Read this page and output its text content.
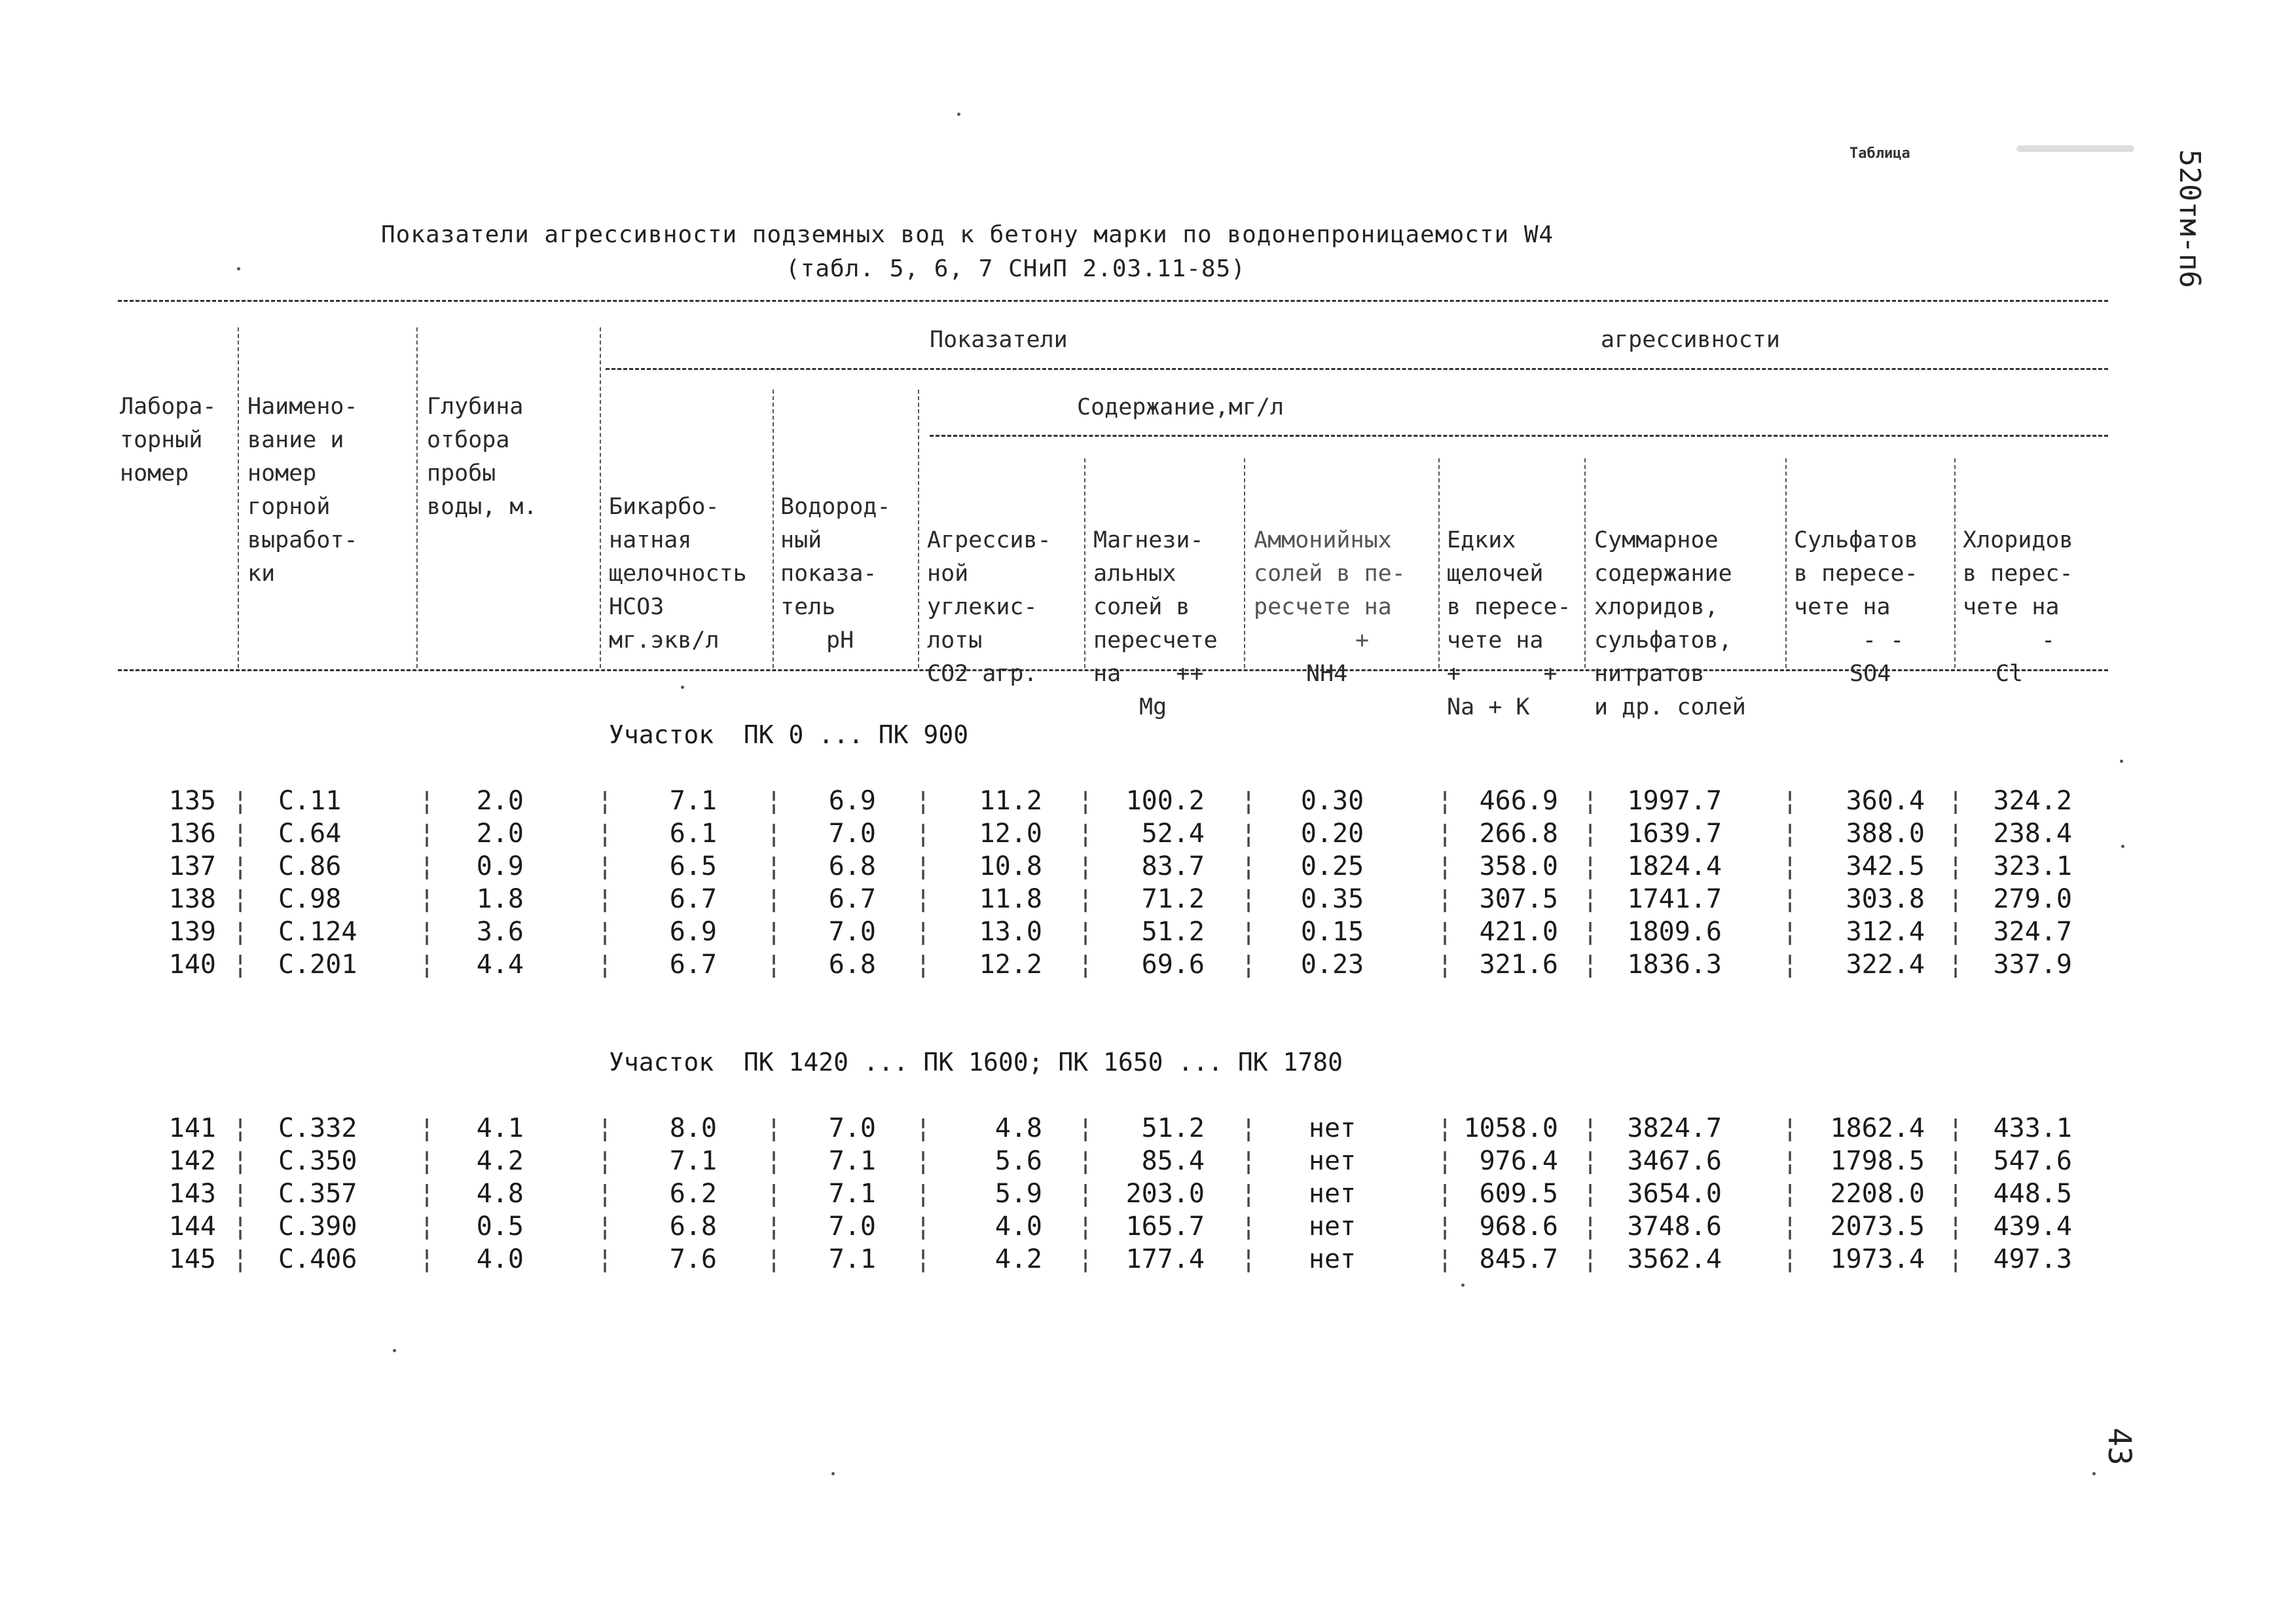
Таблица	520тм-п6
Показатели агрессивности подземных вод к бетону марки по водонепроницаемости W4
(табл. 5, 6, 7 СНиП 2.03.11-85)

Лабора-
торный
номер

Наимено-
вание и
номер
горной
выработ-
ки

Глубина
отбора
пробы
воды, м.

Показатели

	агрессивности

Содержание,мг/л

Бикарбо-
натная
щелочность
HCO3
мг.экв/л

Водород-
ный
показа-
тель
pH

Агрессив-
ной
углекис-
лоты
CO2 агр.

Магнези-
альных
солей в
пересчете
на    ++
Mg

Аммонийных
солей в пе-
ресчете на
+
NH4

Едких
щелочей
в пересе-
чете на
+      +
Na + K

Суммарное
содержание
хлоридов,
сульфатов,
нитратов
и др. солей

Сульфатов
в пересе-
чете на
- -
SO4

Хлоридов
в перес-
чете на
-
Cl

Участок  ПК 0 ... ПК 900
135 С.11	2.0	7.1	6.9	11.2	100.2	0.30	466.9	1997.7	360.4	324.2
¦	¦	¦	¦	¦	¦	¦	¦	¦	¦	¦
136 С.64	2.0	6.1	7.0	12.0	52.4	0.20	266.8	1639.7	388.0	238.4
¦	¦	¦	¦	¦	¦	¦	¦	¦	¦	¦
137 С.86	0.9	6.5	6.8	10.8	83.7	0.25	358.0	1824.4	342.5	323.1
¦	¦	¦	¦	¦	¦	¦	¦	¦	¦	¦
138 С.98	1.8	6.7	6.7	11.8	71.2	0.35	307.5	1741.7	303.8	279.0
¦	¦	¦	¦	¦	¦	¦	¦	¦	¦	¦
139 С.124	3.6	6.9	7.0	13.0	51.2	0.15	421.0	1809.6	312.4	324.7
¦	¦	¦	¦	¦	¦	¦	¦	¦	¦	¦
140 С.201	4.4	6.7	6.8	12.2	69.6	0.23	321.6	1836.3	322.4	337.9
¦	¦	¦	¦	¦	¦	¦	¦	¦	¦	¦
Участок  ПК 1420 ... ПК 1600; ПК 1650 ... ПК 1780
141 С.332	4.1	8.0	7.0	4.8	51.2	нет	1058.0	3824.7	1862.4	433.1
¦	¦	¦	¦	¦	¦	¦	¦	¦	¦	¦
142 С.350	4.2	7.1	7.1	5.6	85.4	нет	976.4	3467.6	1798.5	547.6
¦	¦	¦	¦	¦	¦	¦	¦	¦	¦	¦
143 С.357	4.8	6.2	7.1	5.9	203.0	нет	609.5	3654.0	2208.0	448.5
¦	¦	¦	¦	¦	¦	¦	¦	¦	¦	¦
144 С.390	0.5	6.8	7.0	4.0	165.7	нет	968.6	3748.6	2073.5	439.4
¦	¦	¦	¦	¦	¦	¦	¦	¦	¦	¦
145 С.406	4.0	7.6	7.1	4.2	177.4	нет	845.7	3562.4	1973.4	497.3
¦	¦	¦	¦	¦	¦	¦	¦	¦	¦	¦
43
